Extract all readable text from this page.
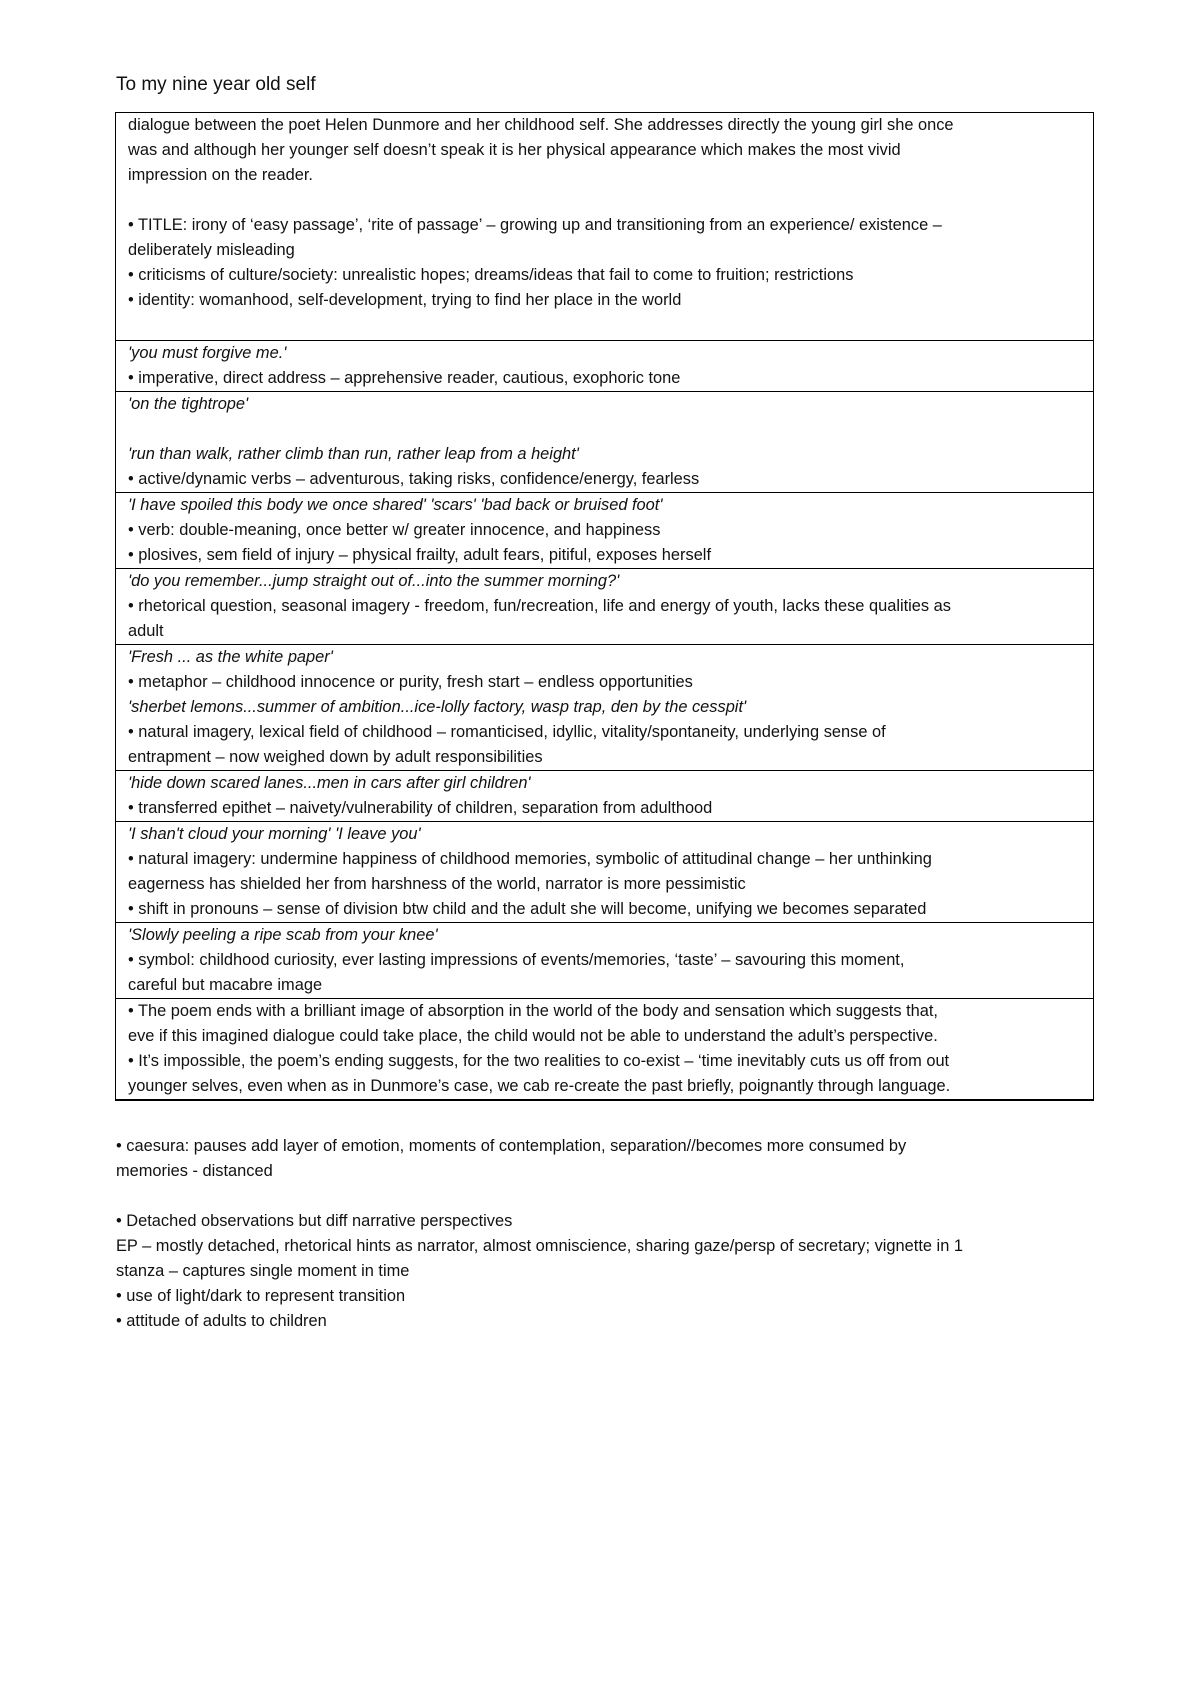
To my nine year old self
dialogue between the poet Helen Dunmore and her childhood self. She addresses directly the young girl she once
was and although her younger self doesn’t speak it is her physical appearance which makes the most vivid
impression on the reader.
• TITLE: irony of ‘easy passage’, ‘rite of passage’ – growing up and transitioning from an experience/ existence –
deliberately misleading
• criticisms of culture/society: unrealistic hopes; dreams/ideas that fail to come to fruition; restrictions
• identity: womanhood, self-development, trying to find her place in the world

'you must forgive me.'
• imperative, direct address – apprehensive reader, cautious, exophoric tone

'on the tightrope'
'run than walk, rather climb than run, rather leap from a height'
• active/dynamic verbs – adventurous, taking risks, confidence/energy, fearless

'I have spoiled this body we once shared' 'scars' 'bad back or bruised foot'
• verb: double-meaning, once better w/ greater innocence, and happiness
• plosives, sem field of injury – physical frailty, adult fears, pitiful, exposes herself

'do you remember...jump straight out of...into the summer morning?'
• rhetorical question, seasonal imagery - freedom, fun/recreation, life and energy of youth, lacks these qualities as
adult

'Fresh ... as the white paper'
• metaphor – childhood innocence or purity, fresh start – endless opportunities
'sherbet lemons...summer of ambition...ice-lolly factory, wasp trap, den by the cesspit'
• natural imagery, lexical field of childhood – romanticised, idyllic, vitality/spontaneity, underlying sense of
entrapment – now weighed down by adult responsibilities

'hide down scared lanes...men in cars after girl children'
• transferred epithet – naivety/vulnerability of children, separation from adulthood

'I shan't cloud your morning' 'I leave you'
• natural imagery: undermine happiness of childhood memories, symbolic of attitudinal change – her unthinking
eagerness has shielded her from harshness of the world, narrator is more pessimistic
• shift in pronouns – sense of division btw child and the adult she will become, unifying we becomes separated

'Slowly peeling a ripe scab from your knee'
• symbol: childhood curiosity, ever lasting impressions of events/memories, ‘taste’ – savouring this moment,
careful but macabre image

• The poem ends with a brilliant image of absorption in the world of the body and sensation which suggests that,
eve if this imagined dialogue could take place, the child would not be able to understand the adult’s perspective.
• It’s impossible, the poem’s ending suggests, for the two realities to co-exist – ‘time inevitably cuts us off from out
younger selves, even when as in Dunmore’s case, we cab re-create the past briefly, poignantly through language.
• caesura: pauses add layer of emotion, moments of contemplation, separation//becomes more consumed by
memories - distanced
• Detached observations but diff narrative perspectives
EP – mostly detached, rhetorical hints as narrator, almost omniscience, sharing gaze/persp of secretary; vignette in 1
stanza – captures single moment in time
• use of light/dark to represent transition
• attitude of adults to children
